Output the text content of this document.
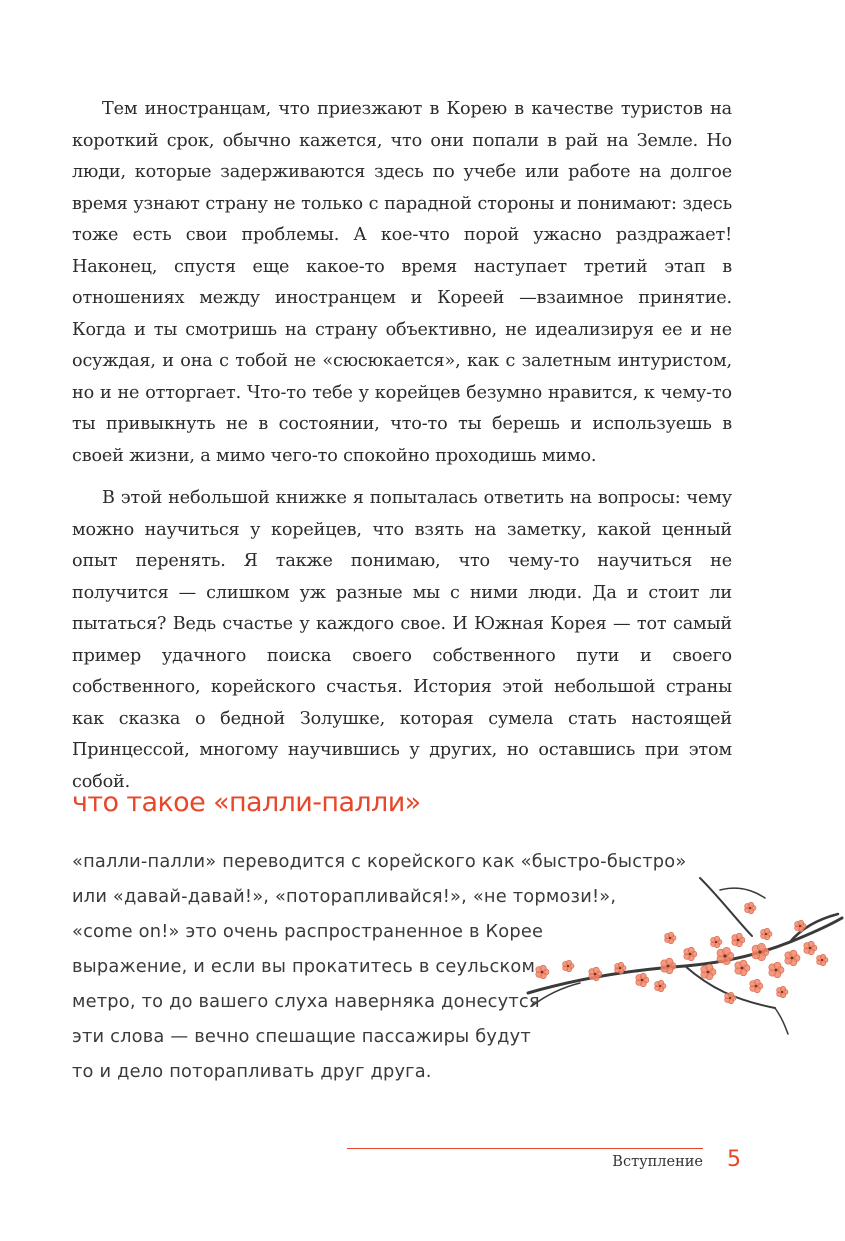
Тем иностранцам, что приезжают в Корею в качестве туристов на короткий срок, обычно кажется, что они попали в рай на Земле. Но люди, которые задерживаются здесь по учебе или работе на долгое время узнают страну не только с парадной стороны и понимают: здесь тоже есть свои проблемы. А кое-что порой ужасно раздражает! Наконец, спустя еще какое-то время наступает третий этап в отношениях между иностранцем и Кореей —взаимное принятие. Когда и ты смотришь на страну объективно, не идеализируя ее и не осуждая, и она с тобой не «сюсюкается», как с залетным интуристом, но и не отторгает. Что-то тебе у корейцев безумно нравится, к чему-то ты привыкнуть не в состоянии, что-то ты берешь и используешь в своей жизни, а мимо чего-то спокойно проходишь мимо.

В этой небольшой книжке я попыталась ответить на вопросы: чему можно научиться у корейцев, что взять на заметку, какой ценный опыт перенять. Я также понимаю, что чему-то научиться не получится — слишком уж разные мы с ними люди. Да и стоит ли пытаться? Ведь счастье у каждого свое. И Южная Корея — тот самый пример удачного поиска своего собственного пути и своего собственного, корейского счастья. История этой небольшой страны как сказка о бедной Золушке, которая сумела стать настоящей Принцессой, многому научившись у других, но оставшись при этом собой.

что такое «палли-палли»

«палли-палли» переводится с корейского как «быстро-быстро»

или «давай-давай!», «поторапливайся!», «не тормози!»,

«come on!» это очень распространенное в Корее

выражение, и если вы прокатитесь в сеульском

метро, то до вашего слуха наверняка донесутся

эти слова — вечно спешащие пассажиры будут

то и дело поторапливать друг друга.

Вступление 5
